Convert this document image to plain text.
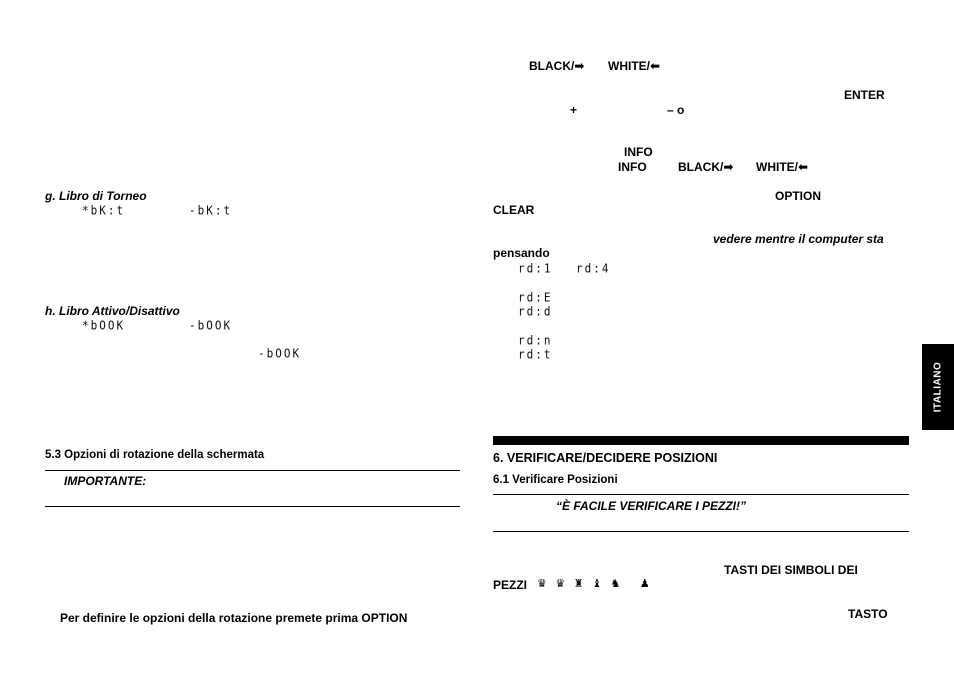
g. Libro di Torneo
*bK:t	-bK:t
h. Libro Attivo/Disattivo
*bOOK	-bOOK
-bOOK
5.3 Opzioni di rotazione della schermata
IMPORTANTE:
Per definire le opzioni della rotazione premete prima OPTION
BLACK/➡ WHITE/⬅
ENTER
+	– o
INFO
INFO	BLACK/➡ WHITE/⬅
OPTION
CLEAR
vedere mentre il computer sta
pensando
rd:1 rd:4
rd:E
rd:d
rd:n
rd:t
6. VERIFICARE/DECIDERE POSIZIONI
6.1 Verificare Posizioni
“È FACILE VERIFICARE I PEZZI!”
TASTI DEI SIMBOLI DEI
PEZZI ♛ ♛ ♜ ♝ ♞ ♟
TASTO
ITALIANO
